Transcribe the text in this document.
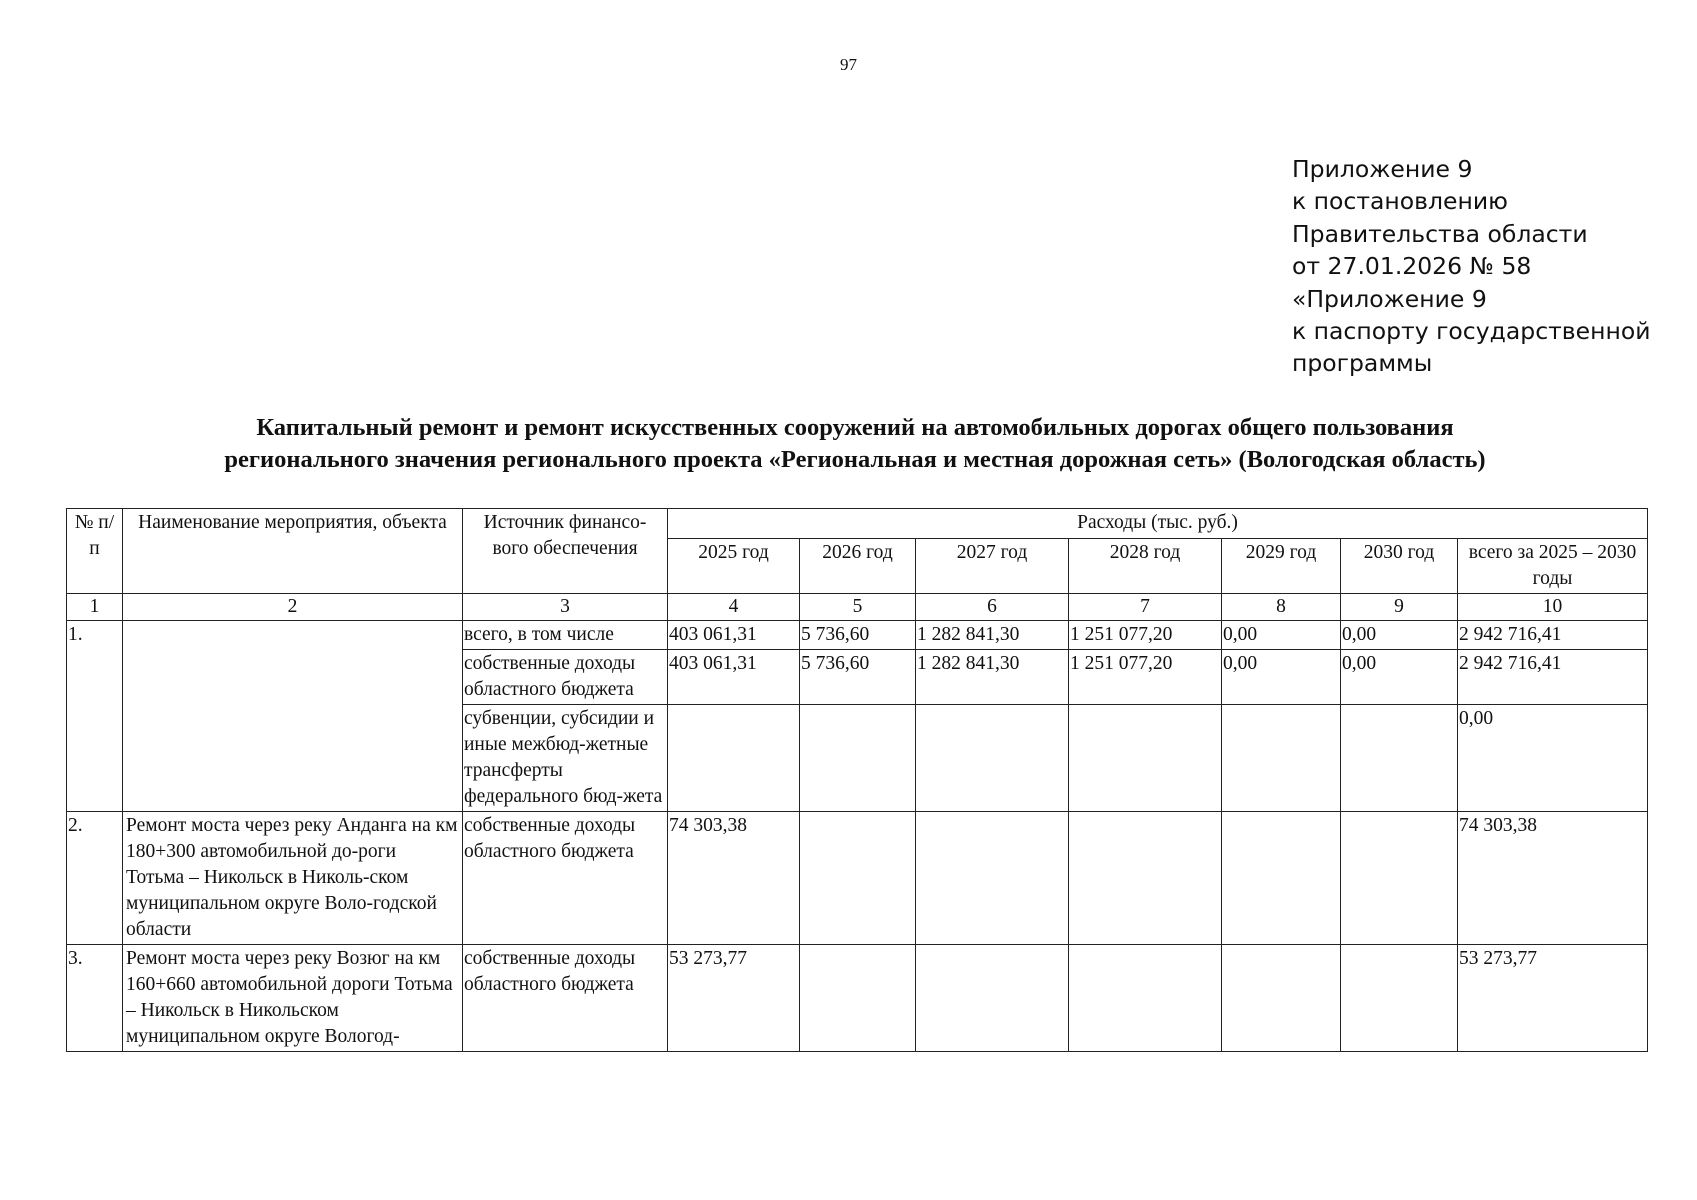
97
Приложение 9
к постановлению
Правительства области
от 27.01.2026 № 58
«Приложение 9
к паспорту государственной
программы
Капитальный ремонт и ремонт искусственных сооружений на автомобильных дорогах общего пользования
регионального значения регионального проекта «Региональная и местная дорожная сеть» (Вологодская область)
№ п/п	Наименование мероприятия, объекта	Источник финансо-вого обеспечения	Расходы (тыс. руб.)						
			2025 год	2026 год	2027 год	2028 год	2029 год	2030 год	всего за 2025 – 2030 годы
1	2	3	4	5	6	7	8	9	10
1.		всего, в том числе	403 061,31	5 736,60	1 282 841,30	1 251 077,20	0,00	0,00	2 942 716,41
		собственные доходы областного бюджета	403 061,31	5 736,60	1 282 841,30	1 251 077,20	0,00	0,00	2 942 716,41
		субвенции, субсидии и иные межбюд-жетные трансферты федерального бюд-жета							0,00
2.	Ремонт моста через реку Анданга на км 180+300 автомобильной до-роги Тотьма – Никольск в Николь-ском муниципальном округе Воло-годской области	собственные доходы областного бюджета	74 303,38						74 303,38
3.	Ремонт моста через реку Возюг на км 160+660 автомобильной дороги Тотьма – Никольск в Никольском муниципальном округе Вологод-	собственные доходы областного бюджета	53 273,77						53 273,77
